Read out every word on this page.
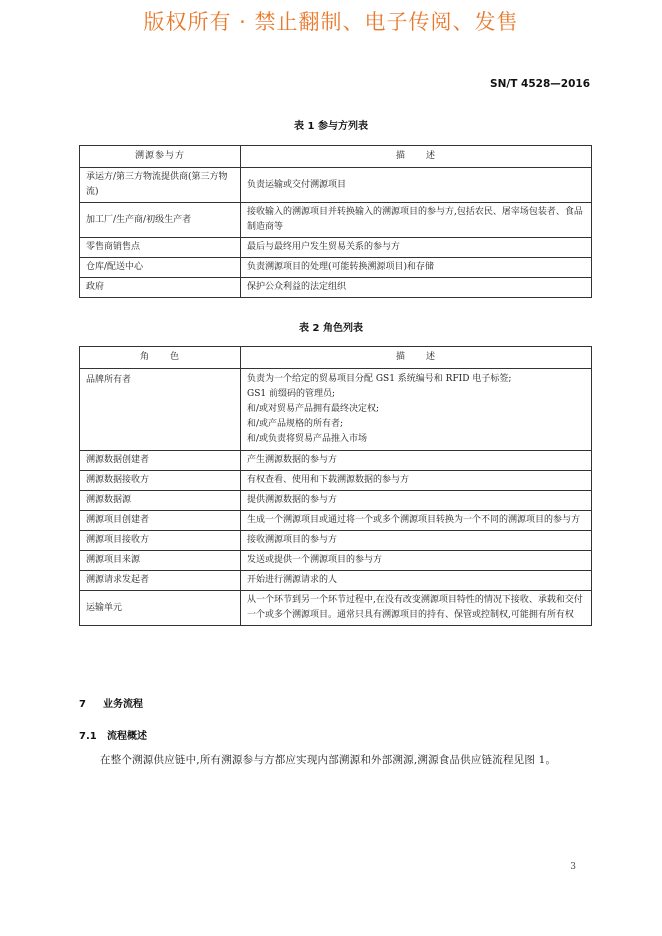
版权所有 · 禁止翻制、电子传阅、发售
SN/T 4528—2016
表 1 参与方列表
溯源参与方	描　　述
承运方/第三方物流提供商(第三方物流)	负责运输或交付溯源项目
加工厂/生产商/初级生产者	接收输入的溯源项目并转换输入的溯源项目的参与方,包括农民、屠宰场包装者、食品制造商等
零售商销售点	最后与最终用户发生贸易关系的参与方
仓库/配送中心	负责溯源项目的处理(可能转换溯源项目)和存储
政府	保护公众利益的法定组织
表 2 角色列表
角　　色	描　　述
品牌所有者	负责为一个给定的贸易项目分配 GS1 系统编号和 RFID 电子标签;
GS1 前缀码的管理员;
和/或对贸易产品拥有最终决定权;
和/或产品规格的所有者;
和/或负责将贸易产品推入市场

溯源数据创建者	产生溯源数据的参与方
溯源数据接收方	有权查看、使用和下载溯源数据的参与方
溯源数据源	提供溯源数据的参与方
溯源项目创建者	生成一个溯源项目或通过将一个或多个溯源项目转换为一个不同的溯源项目的参与方
溯源项目接收方	接收溯源项目的参与方
溯源项目来源	发送或提供一个溯源项目的参与方
溯源请求发起者	开始进行溯源请求的人
运输单元	从一个环节到另一个环节过程中,在没有改变溯源项目特性的情况下接收、承载和交付一个或多个溯源项目。通常只具有溯源项目的持有、保管或控制权,可能拥有所有权
7 业务流程
7.1 流程概述
在整个溯源供应链中,所有溯源参与方都应实现内部溯源和外部溯源,溯源食品供应链流程见图 1。
3
